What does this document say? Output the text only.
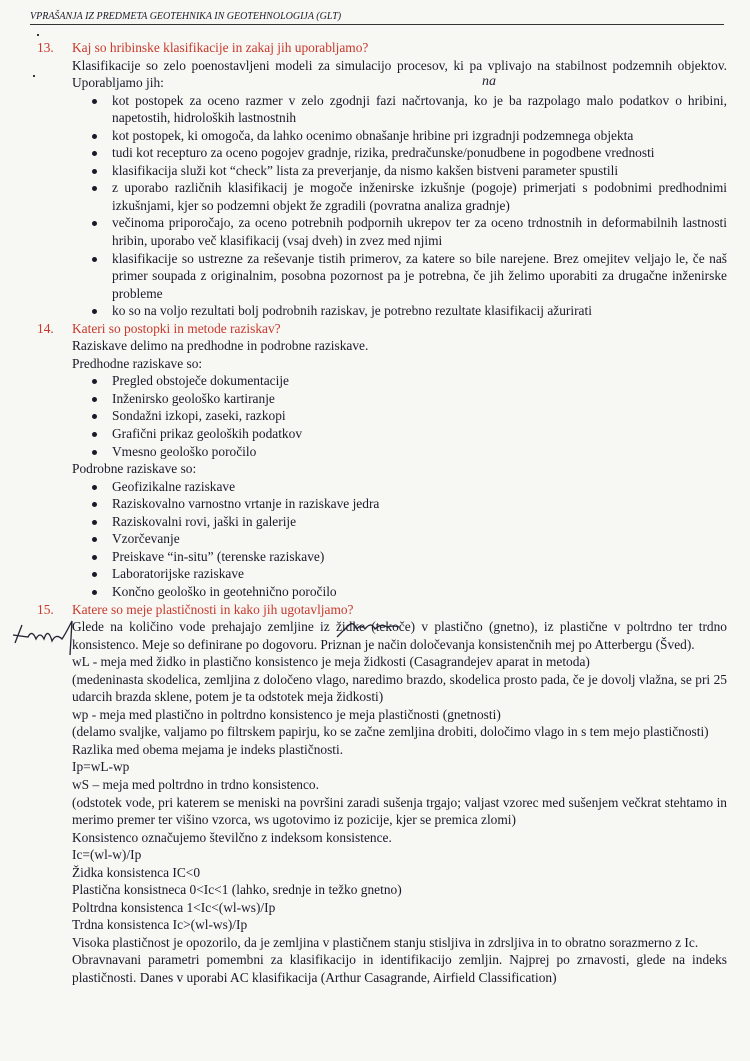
VPRAŠANJA IZ PREDMETA GEOTEHNIKA IN GEOTEHNOLOGIJA (GLT)
13.	Kaj so hribinske klasifikacije in zakaj jih uporabljamo?
Klasifikacije so zelo poenostavljeni modeli za simulacijo procesov, ki pa vplivajo na stabilnost podzemnih objektov. Uporabljamo jih:
kot postopek za oceno razmer v zelo zgodnji fazi načrtovanja, ko je ba razpolago malo podatkov o hribini, napetostih, hidroloških lastnostnih
kot postopek, ki omogoča, da lahko ocenimo obnašanje hribine pri izgradnji podzemnega objekta
tudi kot recepturo za oceno pogojev gradnje, rizika, predračunske/ponudbene in pogodbene vrednosti
klasifikacija služi kot “check” lista za preverjanje, da nismo kakšen bistveni parameter spustili
z uporabo različnih klasifikacij je mogoče inženirske izkušnje (pogoje) primerjati s podobnimi predhodnimi izkušnjami, kjer so podzemni objekt že zgradili (povratna analiza gradnje)
večinoma priporočajo, za oceno potrebnih podpornih ukrepov ter za oceno trdnostnih in deformabilnih lastnosti hribin, uporabo več klasifikacij (vsaj dveh) in zvez med njimi
klasifikacije so ustrezne za reševanje tistih primerov, za katere so bile narejene. Brez omejitev veljajo le, če naš primer soupada z originalnim, posobna pozornost pa je potrebna, če jih želimo uporabiti za drugačne inženirske probleme
ko so na voljo rezultati bolj podrobnih raziskav, je potrebno rezultate klasifikacij ažurirati
14.	Kateri so postopki in metode raziskav?
Raziskave delimo na predhodne in podrobne raziskave.
Predhodne raziskave so:
Pregled obstoječe dokumentacije
Inženirsko geološko kartiranje
Sondažni izkopi, zaseki, razkopi
Grafični prikaz geoloških podatkov
Vmesno geološko poročilo
Podrobne raziskave so:
Geofizikalne raziskave
Raziskovalno varnostno vrtanje in raziskave jedra
Raziskovalni rovi, jaški in galerije
Vzorčevanje
Preiskave “in-situ” (terenske raziskave)
Laboratorijske raziskave
Končno geološko in geotehnično poročilo
15.	Katere so meje plastičnosti in kako jih ugotavljamo?
Glede na količino vode prehajajo zemljine iz židke (tekoče) v plastično (gnetno), iz plastične v poltrdno ter trdno konsistenco. Meje so definirane po dogovoru. Priznan je način določevanja konsistenčnih mej po Atterbergu (Šved).
wL - meja med židko in plastično konsistenco je meja židkosti (Casagrandejev aparat in metoda)
(medeninasta skodelica, zemljina z določeno vlago, naredimo brazdo, skodelica prosto pada, če je dovolj vlažna, se pri 25 udarcih brazda sklene, potem je ta odstotek meja židkosti)
wp - meja med plastično in poltrdno konsistenco je meja plastičnosti (gnetnosti)
(delamo svaljke, valjamo po filtrskem papirju, ko se začne zemljina drobiti, določimo vlago in s tem mejo plastičnosti)
Razlika med obema mejama je indeks plastičnosti.
Ip=wL-wp
wS – meja med poltrdno in trdno konsistenco.
(odstotek vode, pri katerem se meniski na površini zaradi sušenja trgajo; valjast vzorec med sušenjem večkrat stehtamo in merimo premer ter višino vzorca, ws ugotovimo iz pozicije, kjer se premica zlomi)
Konsistenco označujemo številčno z indeksom konsistence.
Ic=(wl-w)/Ip
Židka konsistenca IC<0
Plastična konsistneca 0<Ic<1 (lahko, srednje in težko gnetno)
Poltrdna konsistenca 1<Ic<(wl-ws)/Ip
Trdna konsistenca Ic>(wl-ws)/Ip
Visoka plastičnost je opozorilo, da je zemljina v plastičnem stanju stisljiva in zdrsljiva in to obratno sorazmerno z Ic.
Obravnavani parametri pomembni za klasifikacijo in identifikacijo zemljin. Najprej po zrnavosti, glede na indeks plastičnosti. Danes v uporabi AC klasifikacija (Arthur Casagrande, Airfield Classification)
na
